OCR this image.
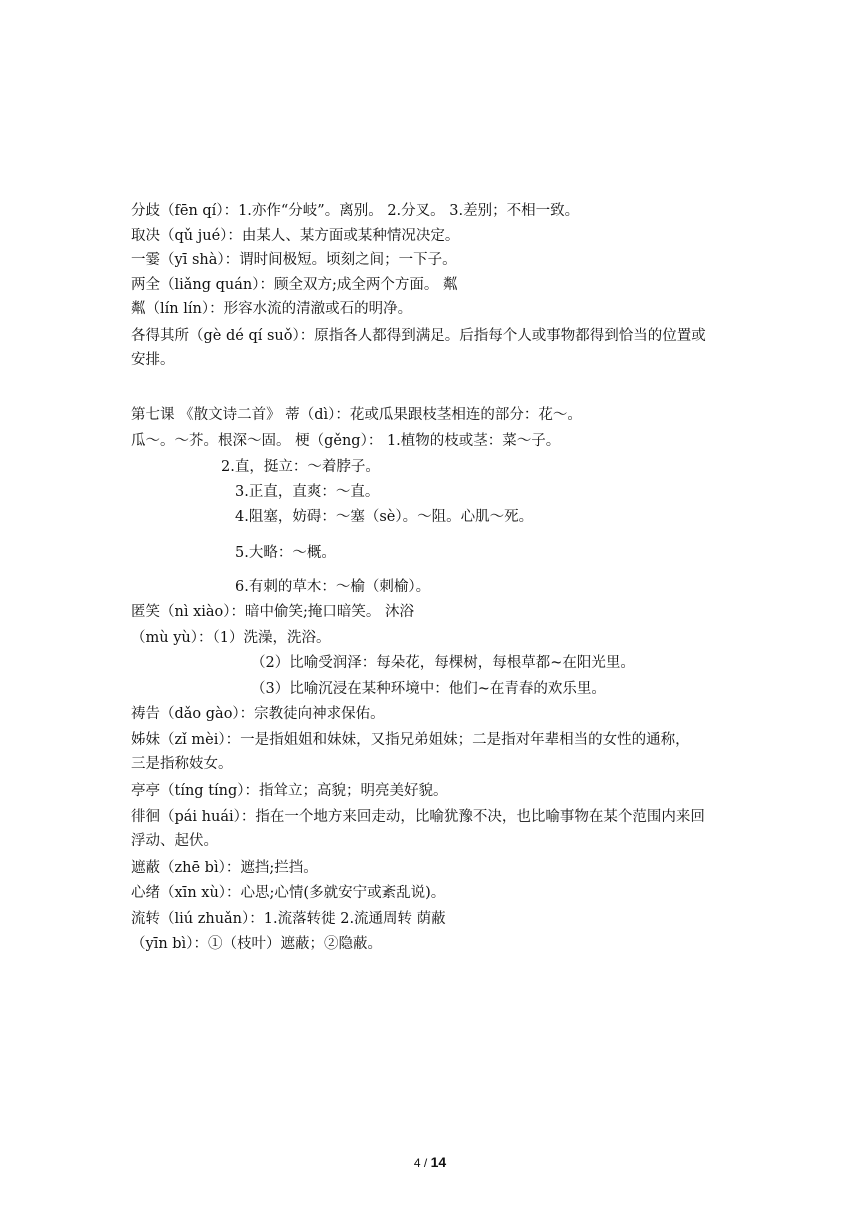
分歧（fēn qí）：1.亦作“分岐”。离别。 2.分叉。 3.差别；不相一致。
取决（qǔ jué）：由某人、某方面或某种情况决定。
一霎（yī shà）：谓时间极短。顷刻之间；一下子。
两全（liǎng quán）：顾全双方;成全两个方面。 粼
粼（lín lín）：形容水流的清澈或石的明净。
各得其所（gè dé qí suǒ）：原指各人都得到满足。后指每个人或事物都得到恰当的位置或
安排。
第七课 《散文诗二首》 蒂（dì）：花或瓜果跟枝茎相连的部分：花～。
瓜～。～芥。根深～固。 梗（gěng）： 1.植物的枝或茎：菜～子。
2.直，挺立：～着脖子。
3.正直，直爽：～直。
4.阻塞，妨碍：～塞（sè）。～阻。心肌～死。
5.大略：～概。
6.有刺的草木：～榆（刺榆）。
匿笑（nì xiào）：暗中偷笑;掩口暗笑。 沐浴
（mù yù）：（1）洗澡，洗浴。
（2）比喻受润泽：每朵花，每棵树，每根草都~在阳光里。
（3）比喻沉浸在某种环境中：他们~在青春的欢乐里。
祷告（dǎo gào）：宗教徒向神求保佑。
姊妹（zǐ mèi）：一是指姐姐和妹妹，又指兄弟姐妹；二是指对年辈相当的女性的通称，
三是指称妓女。
亭亭（tíng tíng）：指耸立；高貌；明亮美好貌。
徘徊（pái huái）：指在一个地方来回走动，比喻犹豫不决，也比喻事物在某个范围内来回
浮动、起伏。
遮蔽（zhē bì）：遮挡;拦挡。
心绪（xīn xù）：心思;心情(多就安宁或紊乱说)。
流转（liú zhuǎn）：1.流落转徙 2.流通周转 荫蔽
（yīn bì）：①（枝叶）遮蔽；②隐蔽。
4 / 14
